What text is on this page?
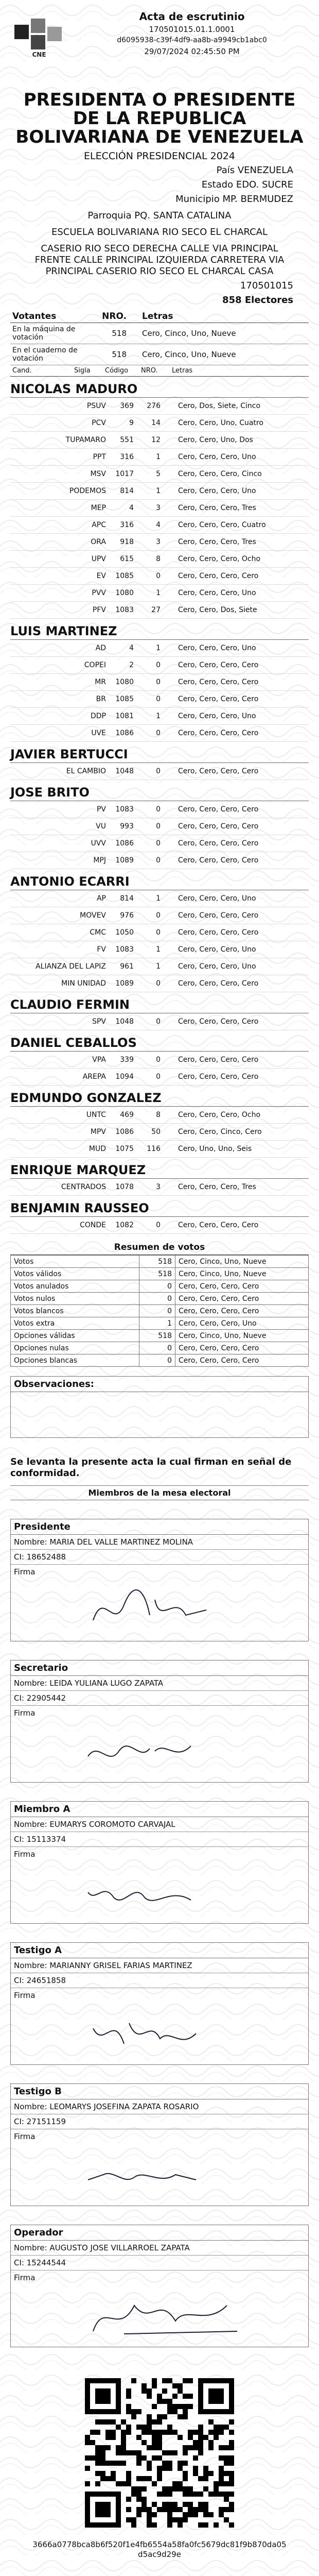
CNE
Acta de escrutinio
170501015.01.1.0001
d6095938-c39f-4df9-aa8b-a9949cb1abc0
29/07/2024 02:45:50 PM
PRESIDENTA O PRESIDENTE DE LA REPUBLICA BOLIVARIANA DE VENEZUELA
ELECCIÓN PRESIDENCIAL 2024
País VENEZUELA
Estado EDO. SUCRE
Municipio MP. BERMUDEZ
Parroquia PQ. SANTA CATALINA
ESCUELA BOLIVARIANA RIO SECO EL CHARCAL
CASERIO RIO SECO DERECHA CALLE VIA PRINCIPAL FRENTE CALLE PRINCIPAL IZQUIERDA CARRETERA VIA PRINCIPAL CASERIO RIO SECO EL CHARCAL CASA
170501015
858 Electores
Votantes	NRO.	Letras
En la máquina de votación	518	Cero, Cinco, Uno, Nueve
En el cuaderno de votación	518	Cero, Cinco, Uno, Nueve
Cand.	Sigla	Código	NRO.	Letras
NICOLAS MADURO
PSUV	369	276	Cero, Dos, Siete, Cinco
PCV	9	14	Cero, Cero, Uno, Cuatro
TUPAMARO	551	12	Cero, Cero, Uno, Dos
PPT	316	1	Cero, Cero, Cero, Uno
MSV	1017	5	Cero, Cero, Cero, Cinco
PODEMOS	814	1	Cero, Cero, Cero, Uno
MEP	4	3	Cero, Cero, Cero, Tres
APC	316	4	Cero, Cero, Cero, Cuatro
ORA	918	3	Cero, Cero, Cero, Tres
UPV	615	8	Cero, Cero, Cero, Ocho
EV	1085	0	Cero, Cero, Cero, Cero
PVV	1080	1	Cero, Cero, Cero, Uno
PFV	1083	27	Cero, Cero, Dos, Siete
LUIS MARTINEZ
AD	4	1	Cero, Cero, Cero, Uno
COPEI	2	0	Cero, Cero, Cero, Cero
MR	1080	0	Cero, Cero, Cero, Cero
BR	1085	0	Cero, Cero, Cero, Cero
DDP	1081	1	Cero, Cero, Cero, Uno
UVE	1086	0	Cero, Cero, Cero, Cero
JAVIER BERTUCCI
EL CAMBIO	1048	0	Cero, Cero, Cero, Cero
JOSE BRITO
PV	1083	0	Cero, Cero, Cero, Cero
VU	993	0	Cero, Cero, Cero, Cero
UVV	1086	0	Cero, Cero, Cero, Cero
MPJ	1089	0	Cero, Cero, Cero, Cero
ANTONIO ECARRI
AP	814	1	Cero, Cero, Cero, Uno
MOVEV	976	0	Cero, Cero, Cero, Cero
CMC	1050	0	Cero, Cero, Cero, Cero
FV	1083	1	Cero, Cero, Cero, Uno
ALIANZA DEL LAPIZ	961	1	Cero, Cero, Cero, Uno
MIN UNIDAD	1089	0	Cero, Cero, Cero, Cero
CLAUDIO FERMIN
SPV	1048	0	Cero, Cero, Cero, Cero
DANIEL CEBALLOS
VPA	339	0	Cero, Cero, Cero, Cero
AREPA	1094	0	Cero, Cero, Cero, Cero
EDMUNDO GONZALEZ
UNTC	469	8	Cero, Cero, Cero, Ocho
MPV	1086	50	Cero, Cero, Cinco, Cero
MUD	1075	116	Cero, Uno, Uno, Seis
ENRIQUE MARQUEZ
CENTRADOS	1078	3	Cero, Cero, Cero, Tres
BENJAMIN RAUSSEO
CONDE	1082	0	Cero, Cero, Cero, Cero
Resumen de votos
Votos	518	Cero, Cinco, Uno, Nueve
Votos válidos	518	Cero, Cinco, Uno, Nueve
Votos anulados	0	Cero, Cero, Cero, Cero
Votos nulos	0	Cero, Cero, Cero, Cero
Votos blancos	0	Cero, Cero, Cero, Cero
Votos extra	1	Cero, Cero, Cero, Uno
Opciones válidas	518	Cero, Cinco, Uno, Nueve
Opciones nulas	0	Cero, Cero, Cero, Cero
Opciones blancas	0	Cero, Cero, Cero, Cero
Observaciones:
Se levanta la presente acta la cual firman en señal de conformidad.
Miembros de la mesa electoral
Presidente
Nombre: MARIA DEL VALLE MARTINEZ MOLINA
CI: 18652488
Firma
Secretario
Nombre: LEIDA YULIANA LUGO ZAPATA
CI: 22905442
Firma
Miembro A
Nombre: EUMARYS COROMOTO CARVAJAL
CI: 15113374
Firma
Testigo A
Nombre: MARIANNY GRISEL FARIAS MARTINEZ
CI: 24651858
Firma
Testigo B
Nombre: LEOMARYS JOSEFINA ZAPATA ROSARIO
CI: 27151159
Firma
Operador
Nombre: AUGUSTO JOSE VILLARROEL ZAPATA
CI: 15244544
Firma
3666a0778bca8b6f520f1e4fb6554a58fa0fc5679dc81f9b870da05d5ac9d29e
